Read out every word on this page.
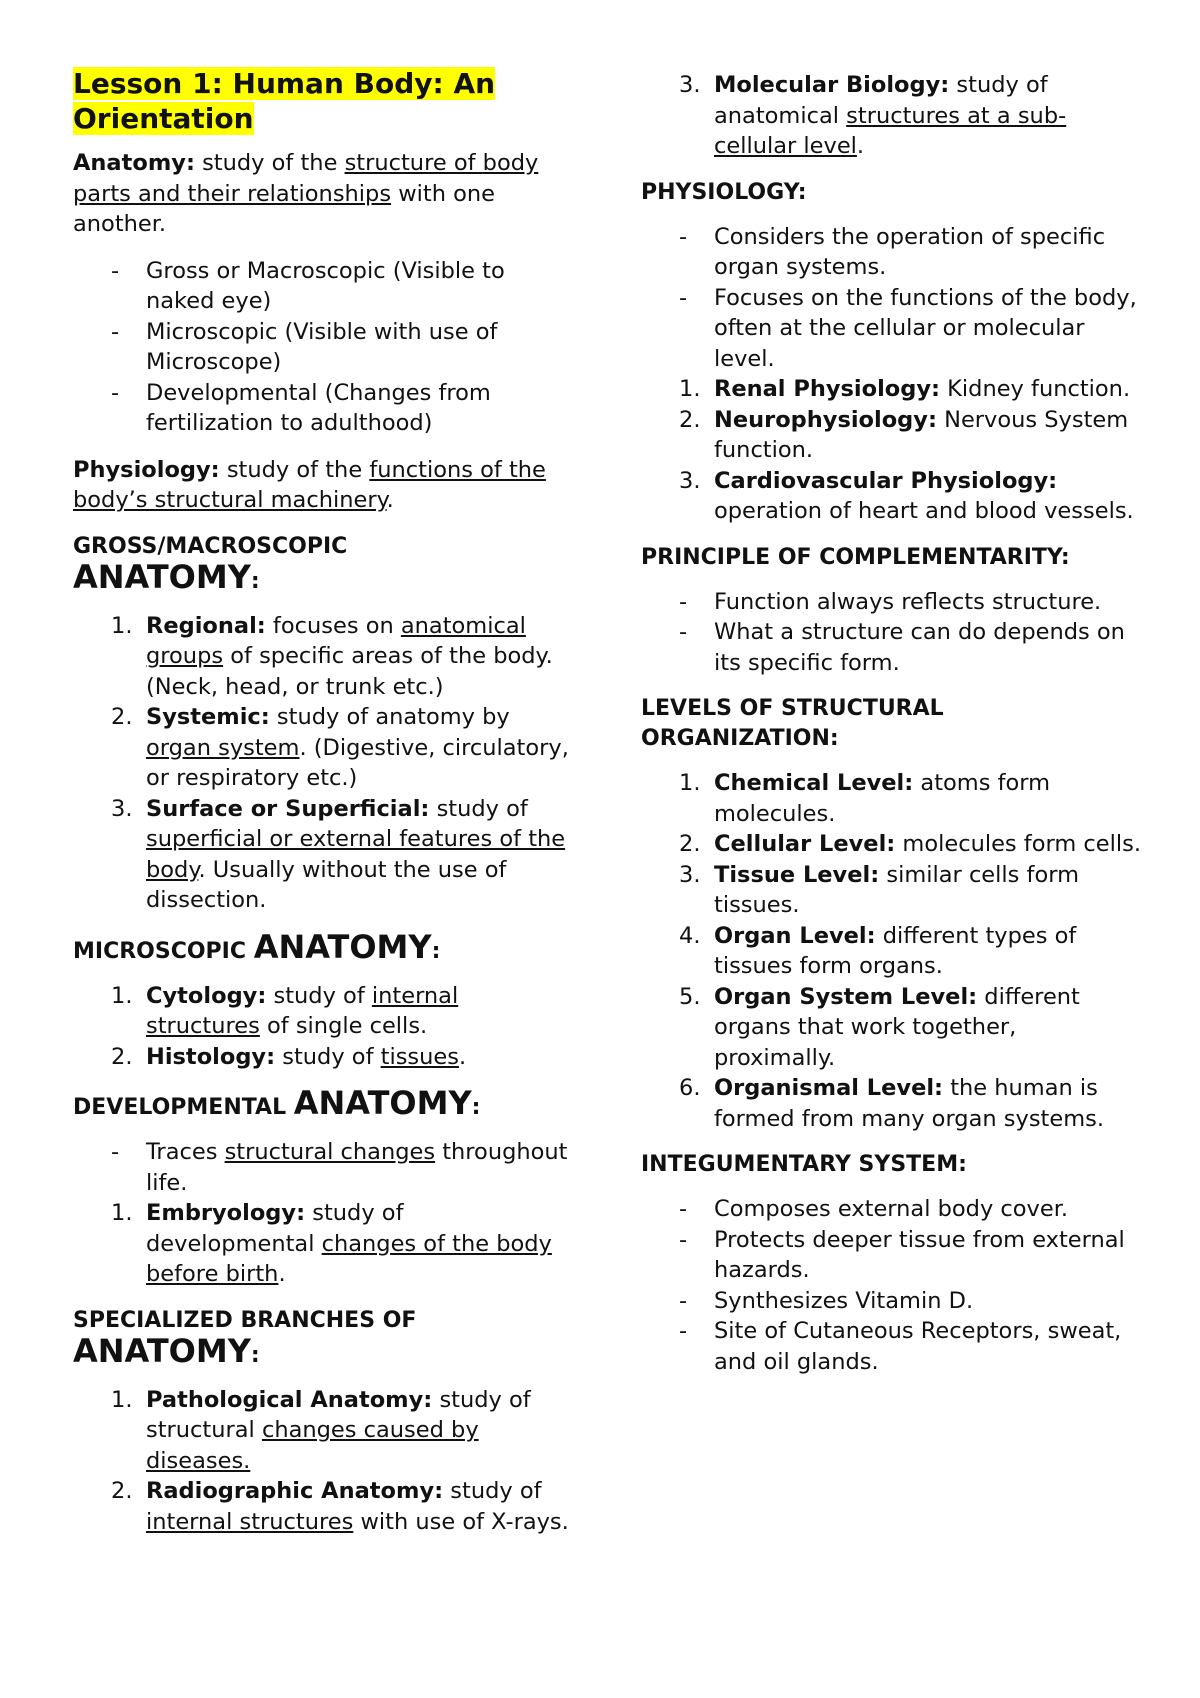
Lesson 1: Human Body: An
Orientation
Anatomy: study of the structure of body parts and their relationships with one another.
-	Gross or Macroscopic (Visible to naked eye)
-	Microscopic (Visible with use of Microscope)
-	Developmental (Changes from fertilization to adulthood)
Physiology: study of the functions of the body’s structural machinery.
GROSS/MACROSCOPIC
ANATOMY:
1. Regional: focuses on anatomical groups of specific areas of the body. (Neck, head, or trunk etc.)
2. Systemic: study of anatomy by organ system. (Digestive, circulatory, or respiratory etc.)
3. Surface or Superficial: study of superficial or external features of the body. Usually without the use of dissection.
MICROSCOPIC ANATOMY:
1. Cytology: study of internal structures of single cells.
2. Histology: study of tissues.
DEVELOPMENTAL ANATOMY:
-	Traces structural changes throughout life.
1. Embryology: study of developmental changes of the body before birth.
SPECIALIZED BRANCHES OF
ANATOMY:
1. Pathological Anatomy: study of structural changes caused by diseases.
2. Radiographic Anatomy: study of internal structures with use of X-rays.
3. Molecular Biology: study of anatomical structures at a sub-cellular level.
PHYSIOLOGY:
-	Considers the operation of specific organ systems.
-	Focuses on the functions of the body, often at the cellular or molecular level.
1. Renal Physiology: Kidney function.
2. Neurophysiology: Nervous System function.
3. Cardiovascular Physiology: operation of heart and blood vessels.
PRINCIPLE OF COMPLEMENTARITY:
-	Function always reflects structure.
-	What a structure can do depends on its specific form.
LEVELS OF STRUCTURAL ORGANIZATION:
1. Chemical Level: atoms form molecules.
2. Cellular Level: molecules form cells.
3. Tissue Level: similar cells form tissues.
4. Organ Level: different types of tissues form organs.
5. Organ System Level: different organs that work together, proximally.
6. Organismal Level: the human is formed from many organ systems.
INTEGUMENTARY SYSTEM:
-	Composes external body cover.
-	Protects deeper tissue from external hazards.
-	Synthesizes Vitamin D.
-	Site of Cutaneous Receptors, sweat, and oil glands.
